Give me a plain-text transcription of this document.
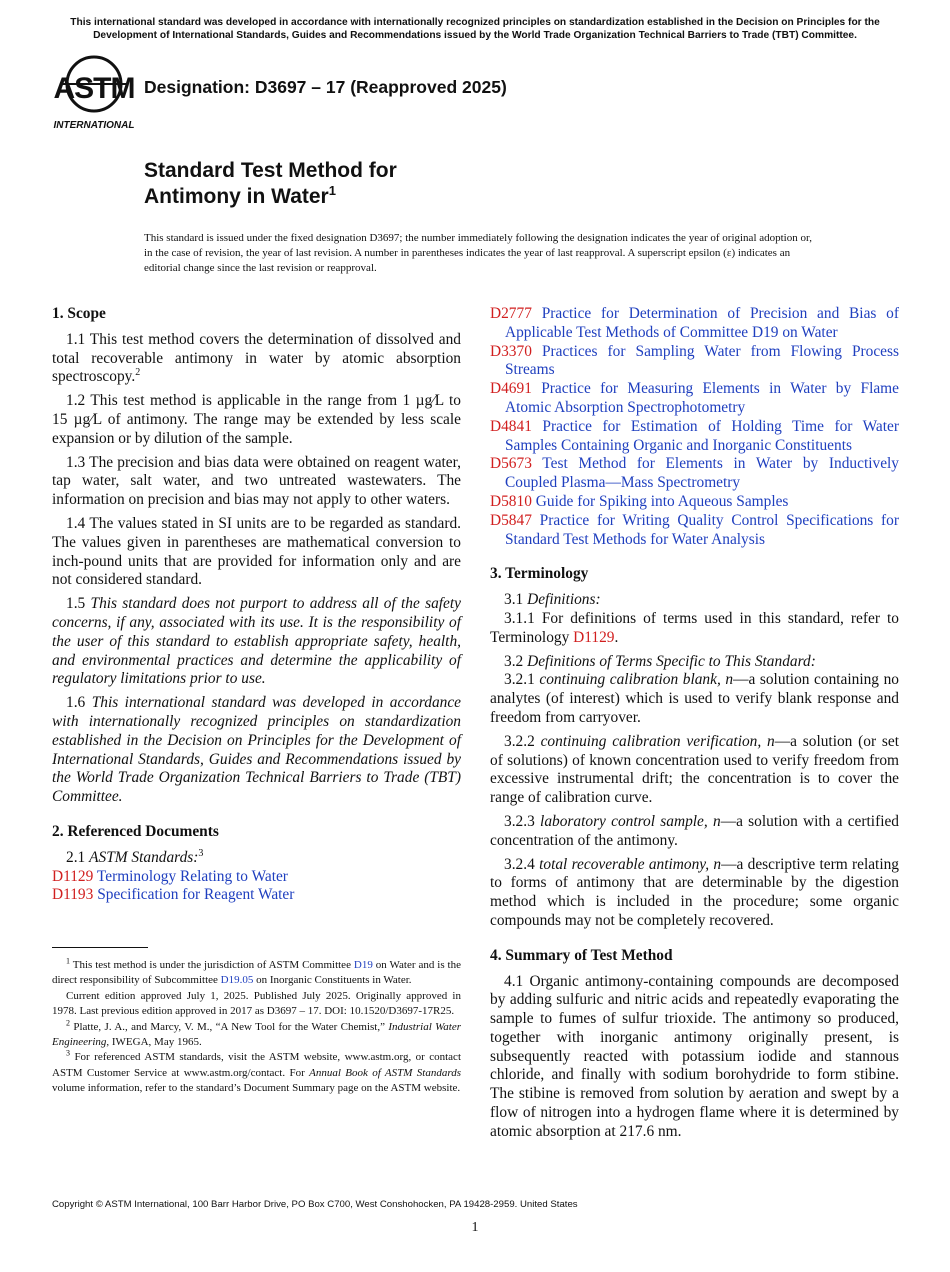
This international standard was developed in accordance with internationally recognized principles on standardization established in the Decision on Principles for the Development of International Standards, Guides and Recommendations issued by the World Trade Organization Technical Barriers to Trade (TBT) Committee.
ASTM
INTERNATIONAL
Designation: D3697 – 17 (Reapproved 2025)
Standard Test Method for
Antimony in Water$^1$
This standard is issued under the fixed designation D3697; the number immediately following the designation indicates the year of original adoption or, in the case of revision, the year of last revision. A number in parentheses indicates the year of last reapproval. A superscript epsilon (ε) indicates an editorial change since the last revision or reapproval.
1. Scope

1.1 This test method covers the determination of dissolved and total recoverable antimony in water by atomic absorption spectroscopy.$^2$

1.2 This test method is applicable in the range from 1 µg⁄L to 15 µg⁄L of antimony. The range may be extended by less scale expansion or by dilution of the sample.

1.3 The precision and bias data were obtained on reagent water, tap water, salt water, and two untreated wastewaters. The information on precision and bias may not apply to other waters.

1.4 The values stated in SI units are to be regarded as standard. The values given in parentheses are mathematical conversion to inch-pound units that are provided for information only and are not considered standard.

1.5 This standard does not purport to address all of the safety concerns, if any, associated with its use. It is the responsibility of the user of this standard to establish appropriate safety, health, and environmental practices and determine the applicability of regulatory limitations prior to use.

1.6 This international standard was developed in accordance with internationally recognized principles on standardization established in the Decision on Principles for the Development of International Standards, Guides and Recommendations issued by the World Trade Organization Technical Barriers to Trade (TBT) Committee.

2. Referenced Documents

2.1 ASTM Standards:$^3$

D1129 Terminology Relating to Water
D1193 Specification for Reagent Water
D2777 Practice for Determination of Precision and Bias of Applicable Test Methods of Committee D19 on Water
D3370 Practices for Sampling Water from Flowing Process Streams
D4691 Practice for Measuring Elements in Water by Flame Atomic Absorption Spectrophotometry
D4841 Practice for Estimation of Holding Time for Water Samples Containing Organic and Inorganic Constituents
D5673 Test Method for Elements in Water by Inductively Coupled Plasma—Mass Spectrometry
D5810 Guide for Spiking into Aqueous Samples
D5847 Practice for Writing Quality Control Specifications for Standard Test Methods for Water Analysis
3. Terminology

3.1 Definitions:

3.1.1 For definitions of terms used in this standard, refer to Terminology D1129.

3.2 Definitions of Terms Specific to This Standard:

3.2.1 continuing calibration blank, n—a solution containing no analytes (of interest) which is used to verify blank response and freedom from carryover.

3.2.2 continuing calibration verification, n—a solution (or set of solutions) of known concentration used to verify freedom from excessive instrumental drift; the concentration is to cover the range of calibration curve.

3.2.3 laboratory control sample, n—a solution with a certified concentration of the antimony.

3.2.4 total recoverable antimony, n—a descriptive term relating to forms of antimony that are determinable by the digestion method which is included in the procedure; some organic compounds may not be completely recovered.

4. Summary of Test Method

4.1 Organic antimony-containing compounds are decomposed by adding sulfuric and nitric acids and repeatedly evaporating the sample to fumes of sulfur trioxide. The antimony so produced, together with inorganic antimony originally present, is subsequently reacted with potassium iodide and stannous chloride, and finally with sodium borohydride to form stibine. The stibine is removed from solution by aeration and swept by a flow of nitrogen into a hydrogen flame where it is determined by atomic absorption at 217.6 nm.

$^1$ This test method is under the jurisdiction of ASTM Committee D19 on Water and is the direct responsibility of Subcommittee D19.05 on Inorganic Constituents in Water.

Current edition approved July 1, 2025. Published July 2025. Originally approved in 1978. Last previous edition approved in 2017 as D3697 – 17. DOI: 10.1520/D3697-17R25.

$^2$ Platte, J. A., and Marcy, V. M., “A New Tool for the Water Chemist,” Industrial Water Engineering, IWEGA, May 1965.

$^3$ For referenced ASTM standards, visit the ASTM website, www.astm.org, or contact ASTM Customer Service at www.astm.org/contact. For Annual Book of ASTM Standards volume information, refer to the standard’s Document Summary page on the ASTM website.

Copyright © ASTM International, 100 Barr Harbor Drive, PO Box C700, West Conshohocken, PA 19428-2959. United States
1
